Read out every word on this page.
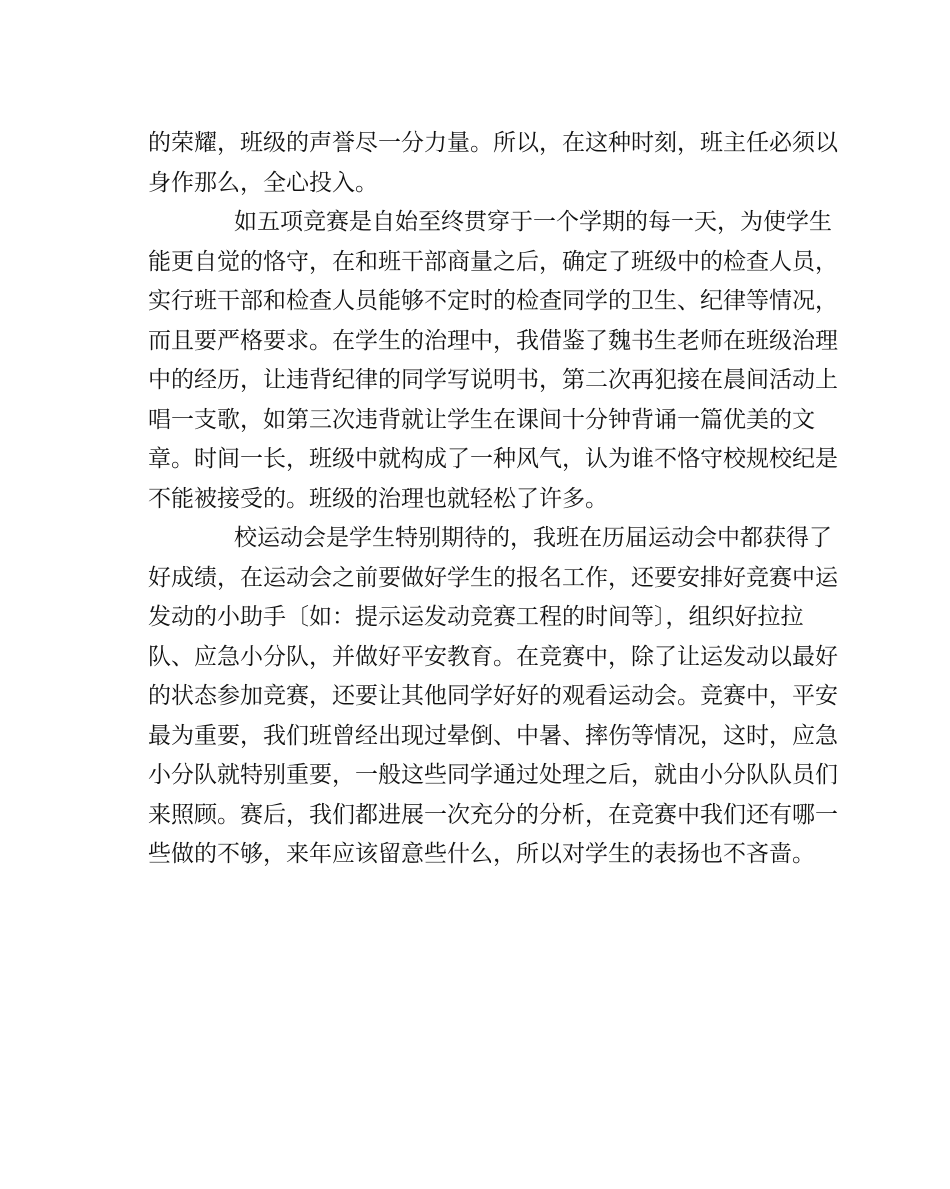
的荣耀，班级的声誉尽一分力量。所以，在这种时刻，班主任必须以
身作那么，全心投入。
如五项竞赛是自始至终贯穿于一个学期的每一天，为使学生
能更自觉的恪守，在和班干部商量之后，确定了班级中的检查人员，
实行班干部和检查人员能够不定时的检查同学的卫生、纪律等情况，
而且要严格要求。在学生的治理中，我借鉴了魏书生老师在班级治理
中的经历，让违背纪律的同学写说明书，第二次再犯接在晨间活动上
唱一支歌，如第三次违背就让学生在课间十分钟背诵一篇优美的文
章。时间一长，班级中就构成了一种风气，认为谁不恪守校规校纪是
不能被接受的。班级的治理也就轻松了许多。
校运动会是学生特别期待的，我班在历届运动会中都获得了
好成绩，在运动会之前要做好学生的报名工作，还要安排好竞赛中运
发动的小助手〔如：提示运发动竞赛工程的时间等〕，组织好拉拉
队、应急小分队，并做好平安教育。在竞赛中，除了让运发动以最好
的状态参加竞赛，还要让其他同学好好的观看运动会。竞赛中，平安
最为重要，我们班曾经出现过晕倒、中暑、摔伤等情况，这时，应急
小分队就特别重要，一般这些同学通过处理之后，就由小分队队员们
来照顾。赛后，我们都进展一次充分的分析，在竞赛中我们还有哪一
些做的不够，来年应该留意些什么，所以对学生的表扬也不吝啬。
